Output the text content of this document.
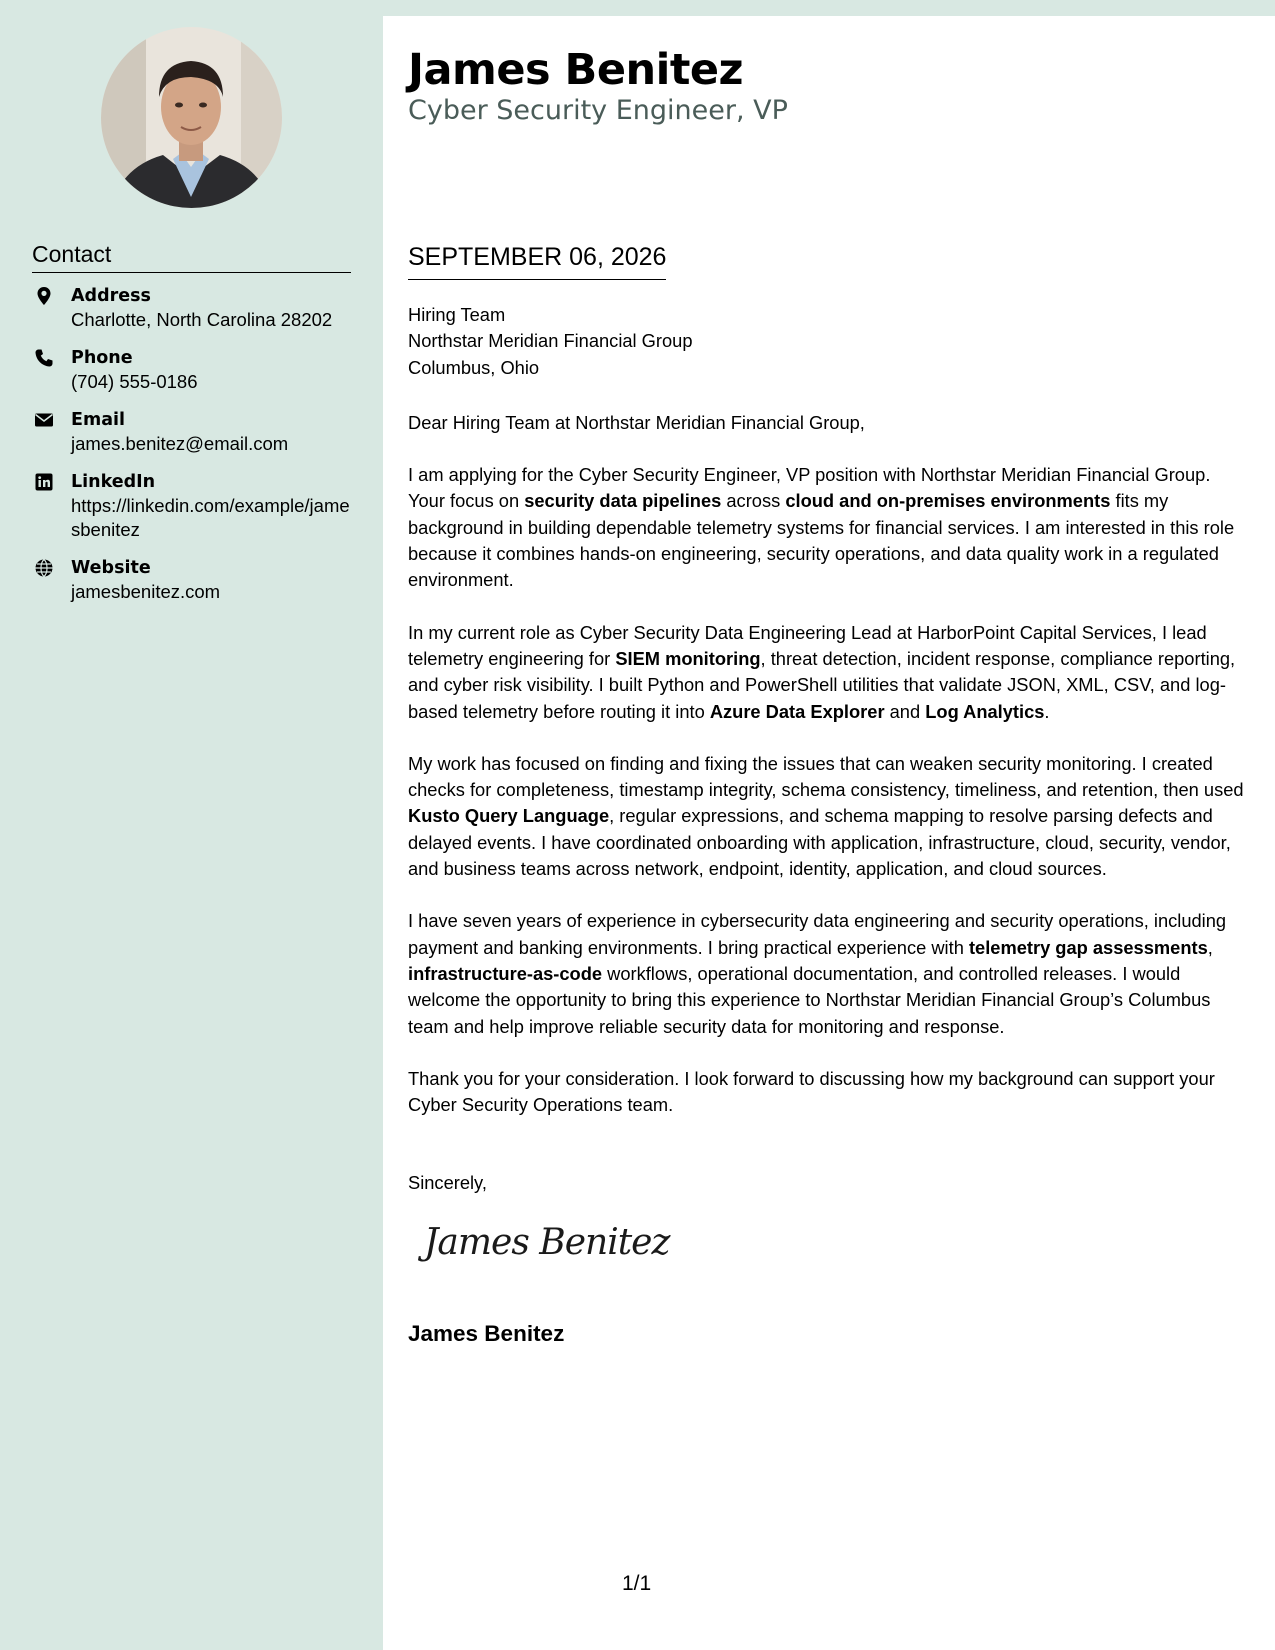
Contact
Address
Charlotte, North Carolina 28202
Phone
(704) 555-0186
Email
james.benitez@email.com
LinkedIn
https://linkedin.com/example/jamesbenitez
Website
jamesbenitez.com
James Benitez
Cyber Security Engineer, VP
SEPTEMBER 06, 2026
Hiring Team
Northstar Meridian Financial Group
Columbus, Ohio

Dear Hiring Team at Northstar Meridian Financial Group,

I am applying for the Cyber Security Engineer, VP position with Northstar Meridian Financial Group. Your focus on security data pipelines across cloud and on-premises environments fits my background in building dependable telemetry systems for financial services. I am interested in this role because it combines hands-on engineering, security operations, and data quality work in a regulated environment.

In my current role as Cyber Security Data Engineering Lead at HarborPoint Capital Services, I lead telemetry engineering for SIEM monitoring, threat detection, incident response, compliance reporting, and cyber risk visibility. I built Python and PowerShell utilities that validate JSON, XML, CSV, and log-based telemetry before routing it into Azure Data Explorer and Log Analytics.

My work has focused on finding and fixing the issues that can weaken security monitoring. I created checks for completeness, timestamp integrity, schema consistency, timeliness, and retention, then used Kusto Query Language, regular expressions, and schema mapping to resolve parsing defects and delayed events. I have coordinated onboarding with application, infrastructure, cloud, security, vendor, and business teams across network, endpoint, identity, application, and cloud sources.

I have seven years of experience in cybersecurity data engineering and security operations, including payment and banking environments. I bring practical experience with telemetry gap assessments, infrastructure-as-code workflows, operational documentation, and controlled releases. I would welcome the opportunity to bring this experience to Northstar Meridian Financial Group’s Columbus team and help improve reliable security data for monitoring and response.

Thank you for your consideration. I look forward to discussing how my background can support your Cyber Security Operations team.

Sincerely,

James Benitez
James Benitez
1/1
